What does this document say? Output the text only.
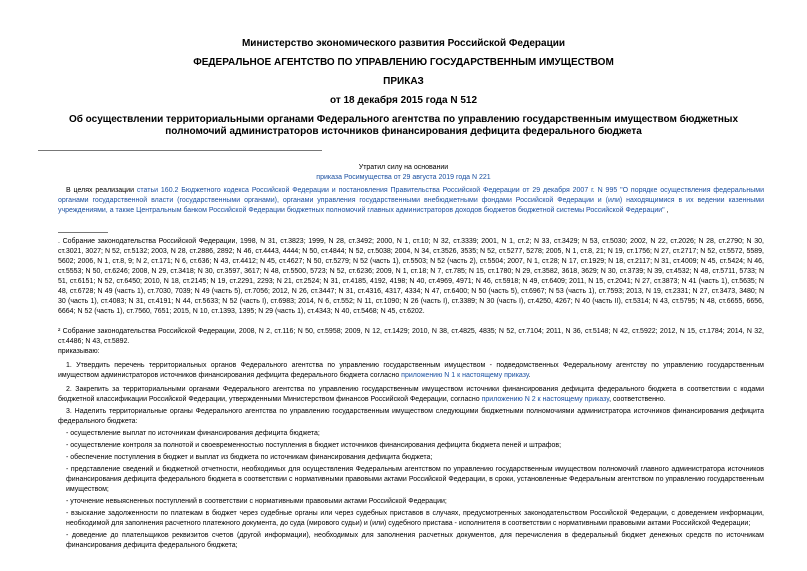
Министерство экономического развития Российской Федерации
ФЕДЕРАЛЬНОЕ АГЕНТСТВО ПО УПРАВЛЕНИЮ ГОСУДАРСТВЕННЫМ ИМУЩЕСТВОМ
ПРИКАЗ
от 18 декабря 2015 года N 512
Об осуществлении территориальными органами Федерального агентства по управлению государственным имуществом бюджетных полномочий администраторов источников финансирования дефицита федерального бюджета
Утратил силу на основании
приказа Росимущества от 29 августа 2019 года N 221
В целях реализации статьи 160.2 Бюджетного кодекса Российской Федерации и постановления Правительства Российской Федерации от 29 декабря 2007 г. N 995 "О порядке осуществления федеральными органами государственной власти (государственными органами), органами управления государственными внебюджетными фондами Российской Федерации и (или) находящимися в их ведении казенными учреждениями, а также Центральным банком Российской Федерации бюджетных полномочий главных администраторов доходов бюджетов бюджетной системы Российской Федерации" ,
. Собрание законодательства Российской Федерации, 1998, N 31, ст.3823; 1999, N 28, ст.3492; 2000, N 1, ст.10; N 32, ст.3339; 2001, N 1, ст.2; N 33, ст.3429; N 53, ст.5030; 2002, N 22, ст.2026; N 28, ст.2790; N 30, ст.3021, 3027; N 52, ст.5132; 2003, N 28, ст.2886, 2892; N 46, ст.4443, 4444; N 50, ст.4844; N 52, ст.5038; 2004, N 34, ст.3526, 3535; N 52, ст.5277, 5278; 2005, N 1, ст.8, 21; N 19, ст.1756; N 27, ст.2717; N 52, ст.5572, 5589, 5602; 2006, N 1, ст.8, 9; N 2, ст.171; N 6, ст.636; N 43, ст.4412; N 45, ст.4627; N 50, ст.5279; N 52 (часть 1), ст.5503; N 52 (часть 2), ст.5504; 2007, N 1, ст.28; N 17, ст.1929; N 18, ст.2117; N 31, ст.4009; N 45, ст.5424; N 46, ст.5553; N 50, ст.6246; 2008, N 29, ст.3418; N 30, ст.3597, 3617; N 48, ст.5500, 5723; N 52, ст.6236; 2009, N 1, ст.18; N 7, ст.785; N 15, ст.1780; N 29, ст.3582, 3618, 3629; N 30, ст.3739; N 39, ст.4532; N 48, ст.5711, 5733; N 51, ст.6151; N 52, ст.6450; 2010, N 18, ст.2145; N 19, ст.2291, 2293; N 21, ст.2524; N 31, ст.4185, 4192, 4198; N 40, ст.4969, 4971; N 46, ст.5918; N 49, ст.6409; 2011, N 15, ст.2041; N 27, ст.3873; N 41 (часть 1), ст.5635; N 48, ст.6728; N 49 (часть 1), ст.7030, 7039; N 49 (часть 5), ст.7056; 2012, N 26, ст.3447; N 31, ст.4316, 4317, 4334; N 47, ст.6400; N 50 (часть 5), ст.6967; N 53 (часть 1), ст.7593; 2013, N 19, ст.2331; N 27, ст.3473, 3480; N 30 (часть 1), ст.4083; N 31, ст.4191; N 44, ст.5633; N 52 (часть I), ст.6983; 2014, N 6, ст.552; N 11, ст.1090; N 26 (часть I), ст.3389; N 30 (часть I), ст.4250, 4267; N 40 (часть II), ст.5314; N 43, ст.5795; N 48, ст.6655, 6656, 6664; N 52 (часть 1), ст.7560, 7651; 2015, N 10, ст.1393, 1395; N 29 (часть 1), ст.4343; N 40, ст.5468; N 45, ст.6202.
² Собрание законодательства Российской Федерации, 2008, N 2, ст.116; N 50, ст.5958; 2009, N 12, ст.1429; 2010, N 38, ст.4825, 4835; N 52, ст.7104; 2011, N 36, ст.5148; N 42, ст.5922; 2012, N 15, ст.1784; 2014, N 32, ст.4486; N 43, ст.5892.
приказываю:
1. Утвердить перечень территориальных органов Федерального агентства по управлению государственным имуществом - подведомственных Федеральному агентству по управлению государственным имуществом администраторов источников финансирования дефицита федерального бюджета согласно приложению N 1 к настоящему приказу.
2. Закрепить за территориальными органами Федерального агентства по управлению государственным имуществом источники финансирования дефицита федерального бюджета в соответствии с кодами бюджетной классификации Российской Федерации, утвержденными Министерством финансов Российской Федерации, согласно приложению N 2 к настоящему приказу, соответственно.
3. Наделить территориальные органы Федерального агентства по управлению государственным имуществом следующими бюджетными полномочиями администратора источников финансирования дефицита федерального бюджета:
- осуществление выплат по источникам финансирования дефицита бюджета;
- осуществление контроля за полнотой и своевременностью поступления в бюджет источников финансирования дефицита бюджета пеней и штрафов;
- обеспечение поступления в бюджет и выплат из бюджета по источникам финансирования дефицита бюджета;
- представление сведений и бюджетной отчетности, необходимых для осуществления Федеральным агентством по управлению государственным имуществом полномочий главного администратора источников финансирования дефицита федерального бюджета в соответствии с нормативными правовыми актами Российской Федерации, в сроки, установленные Федеральным агентством по управлению государственным имуществом;
- уточнение невыясненных поступлений в соответствии с нормативными правовыми актами Российской Федерации;
- взыскание задолженности по платежам в бюджет через судебные органы или через судебных приставов в случаях, предусмотренных законодательством Российской Федерации, с доведением информации, необходимой для заполнения расчетного платежного документа, до суда (мирового судьи) и (или) судебного пристава - исполнителя в соответствии с нормативными правовыми актами Российской Федерации;
- доведение до плательщиков реквизитов счетов (другой информации), необходимых для заполнения расчетных документов, для перечисления в федеральный бюджет денежных средств по источникам финансирования дефицита федерального бюджета;
